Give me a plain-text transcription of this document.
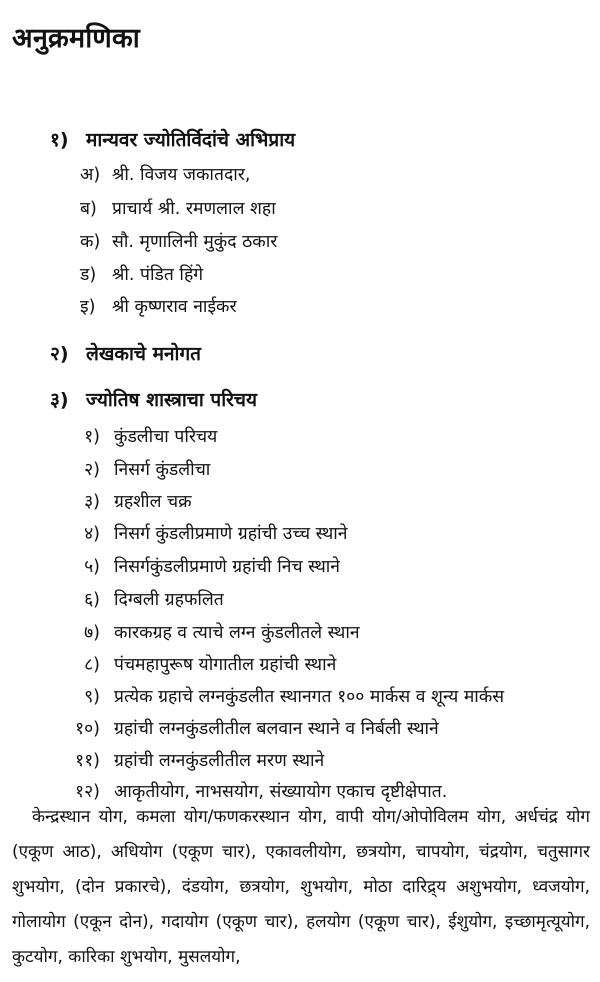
अनुक्रमणिका
१) मान्यवर ज्योतिर्विदांचे अभिप्राय
अ) श्री. विजय जकातदार,
ब) प्राचार्य श्री. रमणलाल शहा
क) सौ. मृणालिनी मुकुंद ठकार
ड) श्री. पंडित हिंगे
इ) श्री कृष्णराव नाईकर
२) लेखकाचे मनोगत
३) ज्योतिष शास्त्राचा परिचय
१) कुंडलीचा परिचय
२) निसर्ग कुंडलीचा
३) ग्रहशील चक्र
४) निसर्ग कुंडलीप्रमाणे ग्रहांची उच्च स्थाने
५) निसर्गकुंडलीप्रमाणे ग्रहांची निच स्थाने
६) दिग्बली ग्रहफलित
७) कारकग्रह व त्याचे लग्न कुंडलीतले स्थान
८) पंचमहापुरूष योगातील ग्रहांची स्थाने
९) प्रत्येक ग्रहाचे लग्नकुंडलीत स्थानगत १०० मार्कस व शून्य मार्कस
१०) ग्रहांची लग्नकुंडलीतील बलवान स्थाने व निर्बली स्थाने
११) ग्रहांची लग्नकुंडलीतील मरण स्थाने
१२) आकृतीयोग, नाभसयोग, संख्यायोग एकाच दृष्टीक्षेपात.
केन्द्रस्थान योग, कमला योग/फणकरस्थान योग, वापी योग/ओपोविलम योग, अर्धचंद्र योग (एकूण आठ), अधियोग (एकूण चार), एकावलीयोग, छत्रयोग, चापयोग, चंद्रयोग, चतुसागर शुभयोग, (दोन प्रकारचे), दंडयोग, छत्रयोग, शुभयोग, मोठा दारिद्र्य अशुभयोग, ध्वजयोग, गोलायोग (एकून दोन), गदायोग (एकूण चार), हलयोग (एकूण चार), ईशुयोग, इच्छामृत्यूयोग, कुटयोग, कारिका शुभयोग, मुसलयोग,
